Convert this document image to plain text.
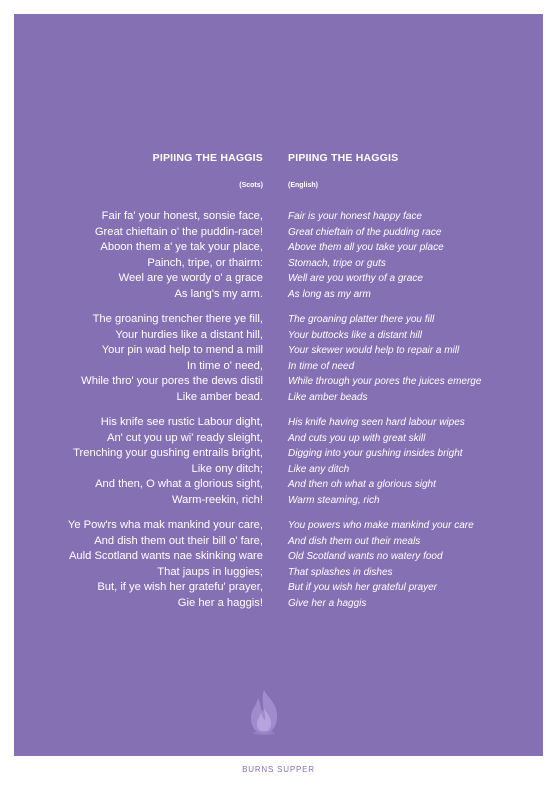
PIPIING THE HAGGIS
(Scots)
Fair fa' your honest, sonsie face,
Great chieftain o' the puddin-race!
Aboon them a' ye tak your place,
Painch, tripe, or thairm:
Weel are ye wordy o' a grace
As lang's my arm.
The groaning trencher there ye fill,
Your hurdies like a distant hill,
Your pin wad help to mend a mill
In time o' need,
While thro' your pores the dews distil
Like amber bead.
His knife see rustic Labour dight,
An' cut you up wi' ready sleight,
Trenching your gushing entrails bright,
Like ony ditch;
And then, O what a glorious sight,
Warm-reekin, rich!
Ye Pow'rs wha mak mankind your care,
And dish them out their bill o' fare,
Auld Scotland wants nae skinking ware
That jaups in luggies;
But, if ye wish her gratefu' prayer,
Gie her a haggis!
PIPIING THE HAGGIS
(English)
Fair is your honest happy face
Great chieftain of the pudding race
Above them all you take your place
Stomach, tripe or guts
Well are you worthy of a grace
As long as my arm
The groaning platter there you fill
Your buttocks like a distant hill
Your skewer would help to repair a mill
In time of need
While through your pores the juices emerge
Like amber beads
His knife having seen hard labour wipes
And cuts you up with great skill
Digging into your gushing insides bright
Like any ditch
And then oh what a glorious sight
Warm steaming, rich
You powers who make mankind your care
And dish them out their meals
Old Scotland wants no watery food
That splashes in dishes
But if you wish her grateful prayer
Give her a haggis
BURNS SUPPER
